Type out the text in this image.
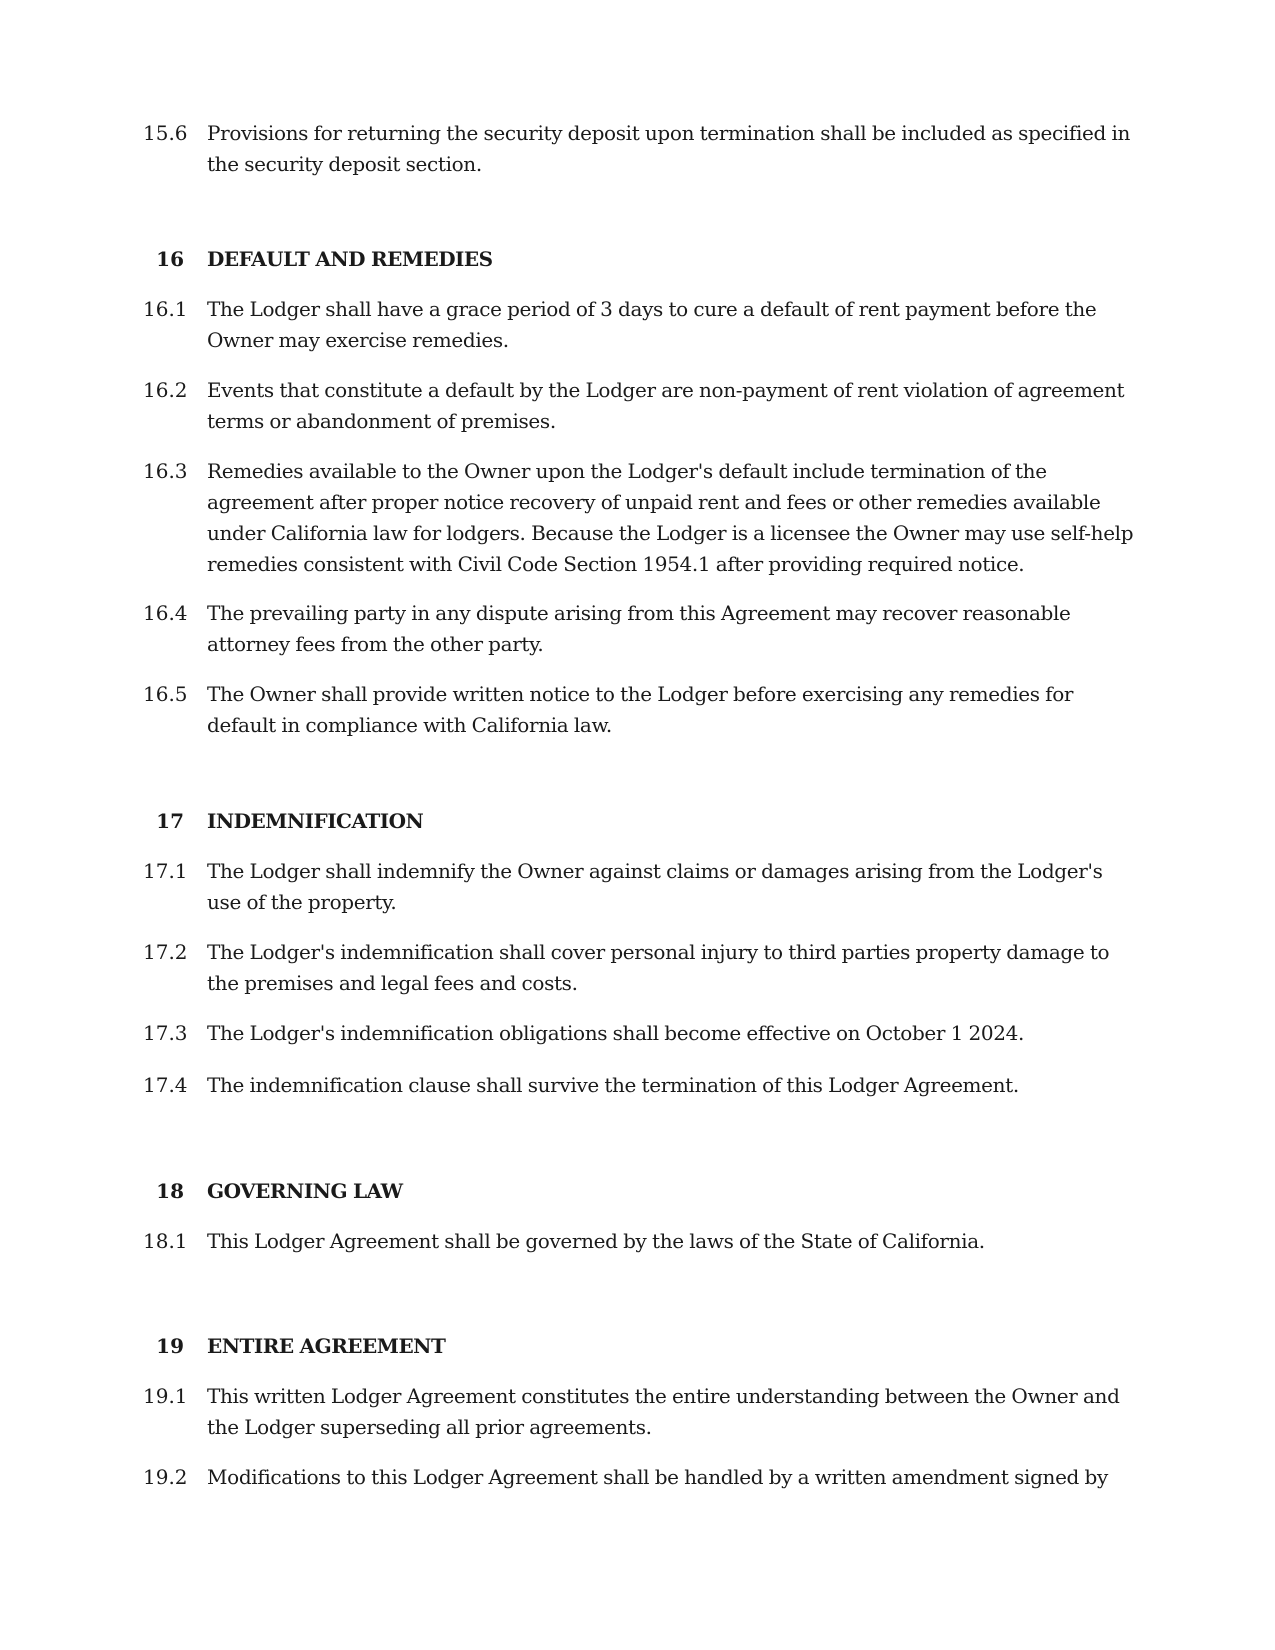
15.6 Provisions for returning the security deposit upon termination shall be included as specified in the security deposit section.
16 DEFAULT AND REMEDIES
16.1 The Lodger shall have a grace period of 3 days to cure a default of rent payment before the Owner may exercise remedies.
16.2 Events that constitute a default by the Lodger are non-payment of rent violation of agreement terms or abandonment of premises.
16.3 Remedies available to the Owner upon the Lodger's default include termination of the agreement after proper notice recovery of unpaid rent and fees or other remedies available under California law for lodgers. Because the Lodger is a licensee the Owner may use self-help remedies consistent with Civil Code Section 1954.1 after providing required notice.
16.4 The prevailing party in any dispute arising from this Agreement may recover reasonable attorney fees from the other party.
16.5 The Owner shall provide written notice to the Lodger before exercising any remedies for default in compliance with California law.
17 INDEMNIFICATION
17.1 The Lodger shall indemnify the Owner against claims or damages arising from the Lodger's use of the property.
17.2 The Lodger's indemnification shall cover personal injury to third parties property damage to the premises and legal fees and costs.
17.3 The Lodger's indemnification obligations shall become effective on October 1 2024.
17.4 The indemnification clause shall survive the termination of this Lodger Agreement.
18 GOVERNING LAW
18.1 This Lodger Agreement shall be governed by the laws of the State of California.
19 ENTIRE AGREEMENT
19.1 This written Lodger Agreement constitutes the entire understanding between the Owner and the Lodger superseding all prior agreements.
19.2 Modifications to this Lodger Agreement shall be handled by a written amendment signed by
